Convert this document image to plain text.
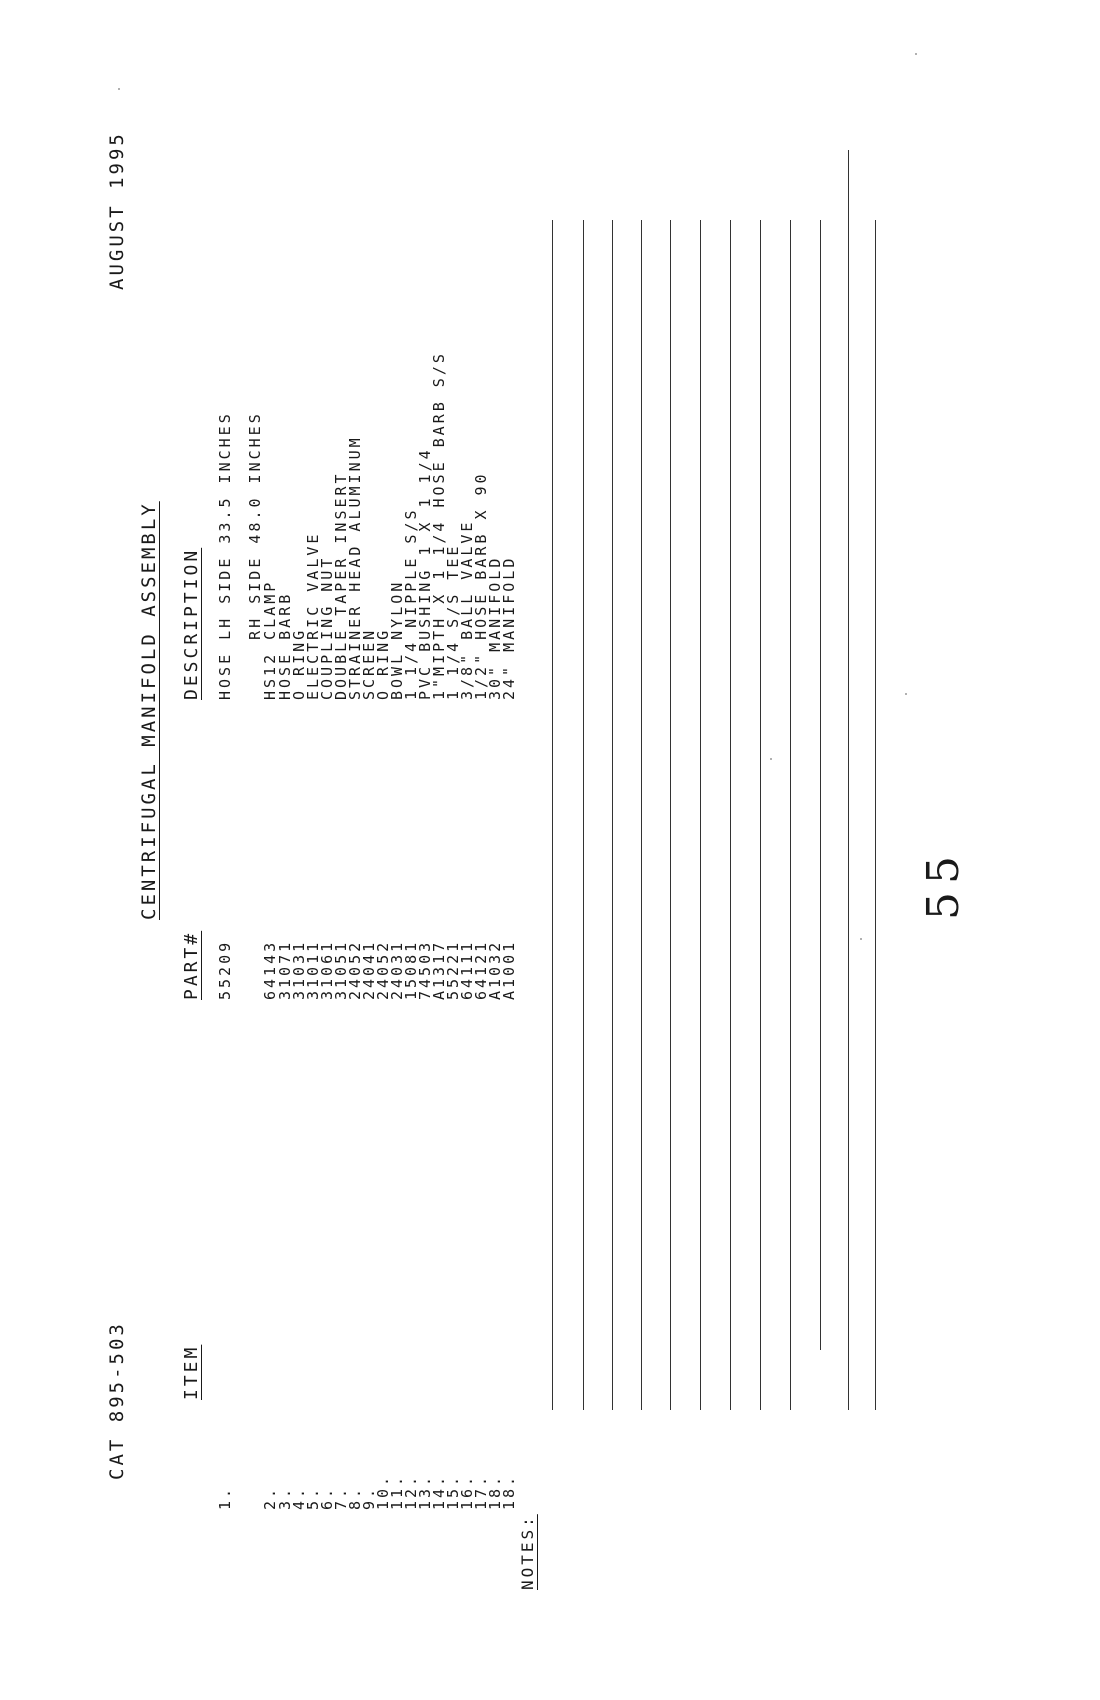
CAT 895-503
CENTRIFUGAL MANIFOLD ASSEMBLY
AUGUST 1995
ITEM
PART#
DESCRIPTION
1.
55209
HOSE LH SIDE 33.5 INCHES RH SIDE 48.0 INCHES
2.
64143
HS12 CLAMP
3.
31071
HOSE BARB
4.
31031
O RING
5.
31011
ELECTRIC VALVE
6.
31061
COUPLING NUT
7.
31051
DOUBLE TAPER INSERT
8.
24052
STRAINER HEAD ALUMINUM
9.
24041
SCREEN
10.
24052
O RING
11.
24031
BOWL NYLON
12.
15081
1 1/4 NIPPLE S/S
13.
74503
PVC BUSHING 1 X 1 1/4
14.
A1317
1"MIPTH X 1 1/4 HOSE BARB S/S
15.
55221
1 1/4 S/S TEE
16.
64111
3/8" BALL VALVE
17.
64121
1/2" HOSE BARB X 90
18.
A1032
30" MANIFOLD
18.
A1001
24" MANIFOLD
NOTES:
55
